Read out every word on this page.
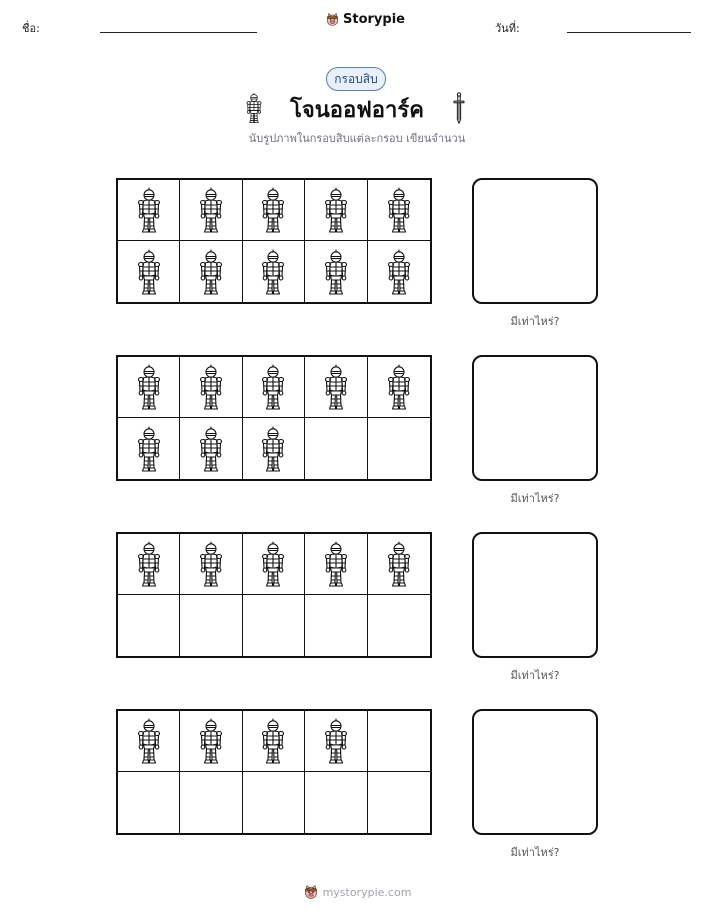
ชื่อ:
Storypie
วันที่:
กรอบสิบ
โจนออฟอาร์ค
นับรูปภาพในกรอบสิบแต่ละกรอบ เขียนจำนวน
มีเท่าไหร่?
มีเท่าไหร่?
มีเท่าไหร่?
มีเท่าไหร่?
mystorypie.com
